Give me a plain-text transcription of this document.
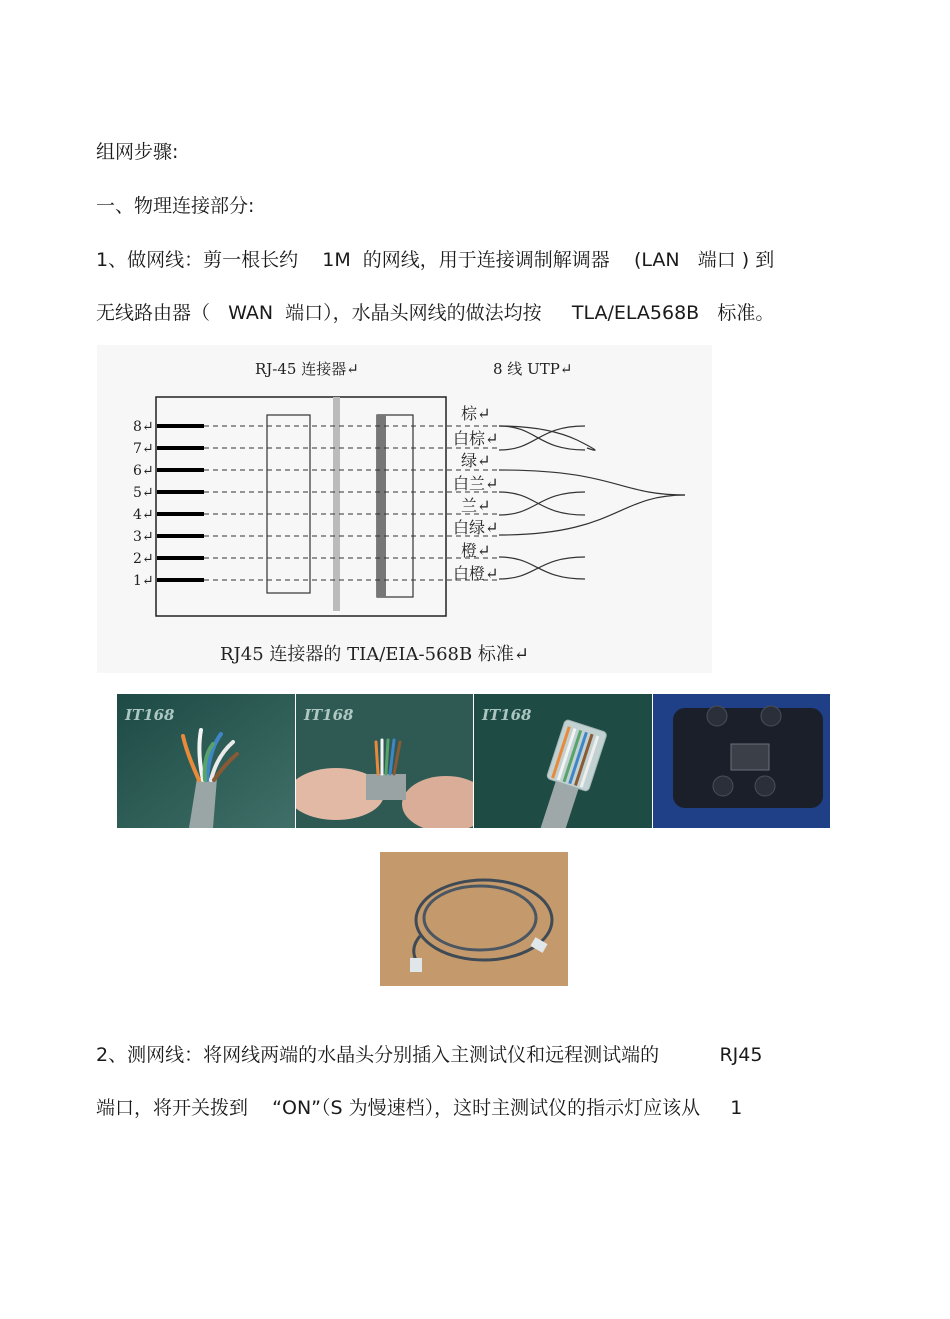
组网步骤:
一、物理连接部分:
1、做网线：剪一根长约    1M  的网线，用于连接调制解调器    (LAN   端口 ) 到
无线路由器（   WAN  端口），水晶头网线的做法均按     TLA/ELA568B   标准。
RJ-45 连接器↵	8 线 UTP↵
8↵
7↵
6↵
5↵
4↵
3↵
2↵
1↵
棕↵
白棕↵
绿↵
白兰↵
兰↵
白绿↵
橙↵
白橙↵
RJ45 连接器的 TIA/EIA-568B 标准↵
IT168	IT168	IT168
2、测网线：将网线两端的水晶头分别插入主测试仪和远程测试端的          RJ45
端口，将开关拨到    “ON”（S 为慢速档），这时主测试仪的指示灯应该从     1
